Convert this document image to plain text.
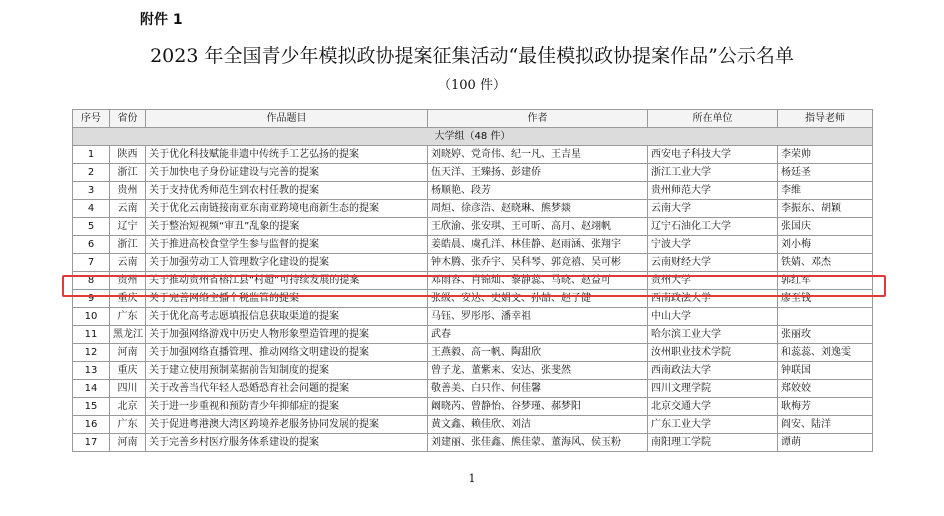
附件 1
2023 年全国青少年模拟政协提案征集活动“最佳模拟政协提案作品”公示名单
（100 件）
序号	省份	作品题目	作者	所在单位	指导老师
大学组（48 件）					
1	陕西	关于优化科技赋能非遗中传统手工艺弘扬的提案	刘晓婷、党奇伟、纪一凡、王吉星	西安电子科技大学	李荣帅
2	浙江	关于加快电子身份证建设与完善的提案	伍天洋、王臻扬、彭建侨	浙江工业大学	杨廷圣
3	贵州	关于支持优秀师范生到农村任教的提案	杨顺艳、段芳	贵州师范大学	李维
4	云南	关于优化云南链接南亚东南亚跨境电商新生态的提案	周烜、徐彦浩、赵晓琳、熊梦燚	云南大学	李振东、胡颖
5	辽宁	关于整治短视频“审丑”乱象的提案	王欣渝、张安琪、王可昕、高月、赵翊帆	辽宁石油化工大学	张国庆
6	浙江	关于推进高校食堂学生参与监督的提案	姜皓晨、虞孔洋、林佳静、赵雨涵、张翔宇	宁波大学	刘小梅
7	云南	关于加强劳动工人管理数字化建设的提案	钟木腾、张乔宇、吴科琴、郭竞禧、吴可彬	云南财经大学	铁婧、邓杰
8	贵州	关于推动贵州省榕江县“村超”可持续发展的提案	邓雨容、肖锦灿、黎静蕊、马晓、赵益可	贵州大学	郭红军
9	重庆	关于完善网络主播个税监管的提案	张级、安达、史娟文、孙喆、赵子健	西南政法大学	廖至钱
10	广东	关于优化高考志愿填报信息获取渠道的提案	马钰、罗彤彤、潘幸祖	中山大学	
11	黑龙江	关于加强网络游戏中历史人物形象塑造管理的提案	武春	哈尔滨工业大学	张丽玫
12	河南	关于加强网络直播管理、推动网络文明建设的提案	王燕毅、高一帆、陶甜欣	汝州职业技术学院	和蕊蕊、刘逸雯
13	重庆	关于建立使用预制菜据前告知制度的提案	曾子龙、董紫来、安达、张斐然	西南政法大学	钟联国
14	四川	关于改善当代年轻人恐婚恐育社会问题的提案	敬善美、白只作、何佳馨	四川文理学院	郑姣姣
15	北京	关于进一步重视和预防青少年抑郁症的提案	阚晓芮、曾静怡、谷梦瑾、郝梦阳	北京交通大学	耿梅芳
16	广东	关于促进粤港澳大湾区跨境养老服务协同发展的提案	黄文鑫、赖佳欣、刘洁	广东工业大学	阎安、陆洋
17	河南	关于完善乡村医疗服务体系建设的提案	刘建丽、张佳鑫、熊佳蒙、董海风、侯玉粉	南阳理工学院	谭萌
1
